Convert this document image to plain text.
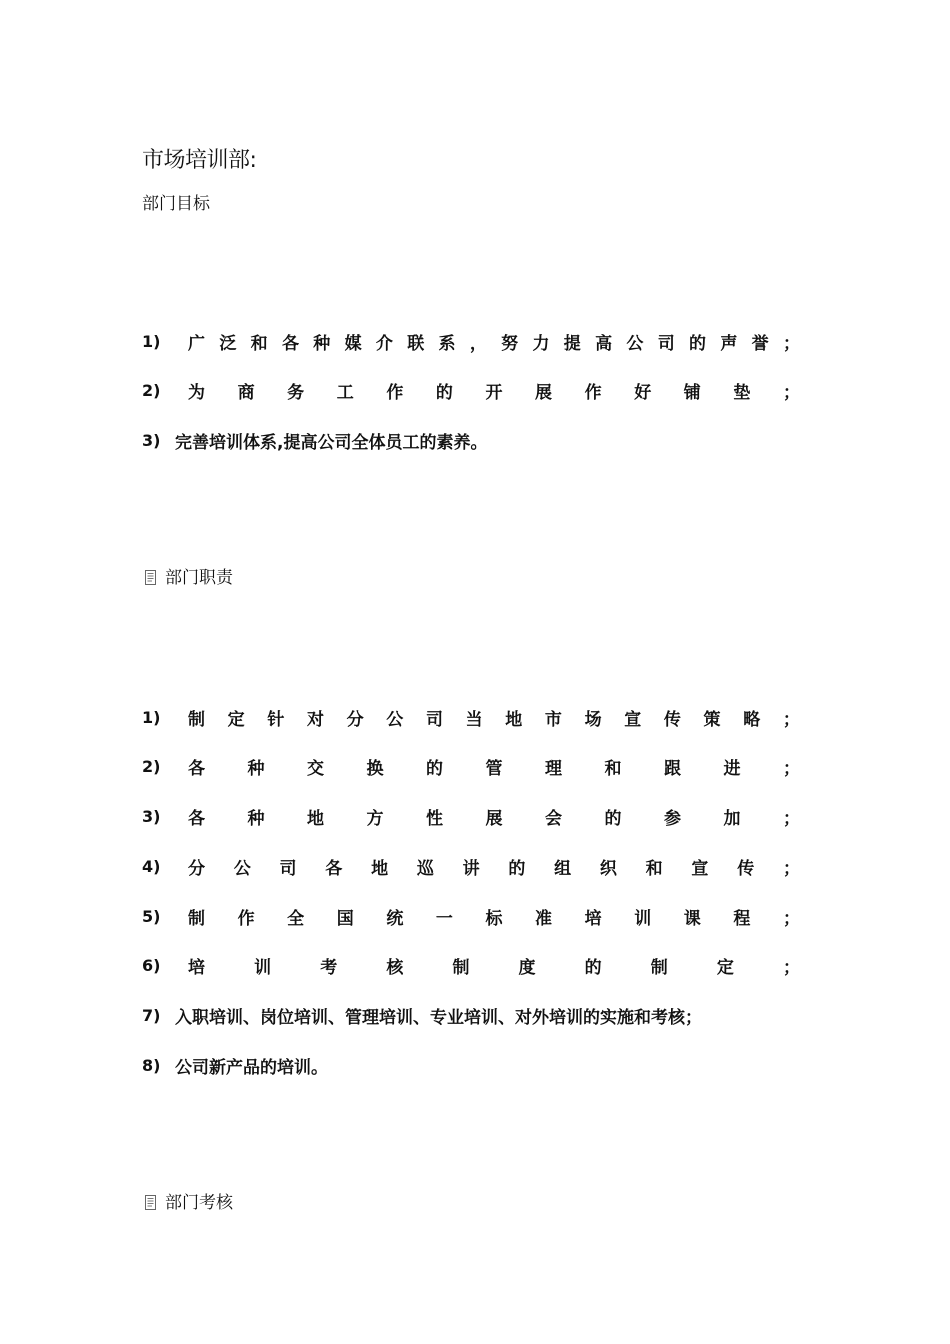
市场培训部:
部门目标
1)	广 泛 和 各 种 媒 介 联 系 ， 努 力 提 高 公 司 的 声 誉 ；
2)	为 商 务 工 作 的 开 展 作 好 铺 垫 ；
3) 完善培训体系,提高公司全体员工的素养。
部门职责
1)	制 定 针 对 分 公 司 当 地 市 场 宣 传 策 略 ；
2)	各	种	交	换	的	管	理	和	跟	进	；
3)	各	种	地	方	性	展	会	的	参	加	；
4)	分 公 司 各 地 巡 讲 的 组 织 和 宣 传 ；
5)	制 作 全 国 统 一 标 准 培 训 课 程 ；
6)	培	训	考	核	制	度	的	制	定	；
7) 入职培训、岗位培训、管理培训、专业培训、对外培训的实施和考核；
8) 公司新产品的培训。
部门考核
